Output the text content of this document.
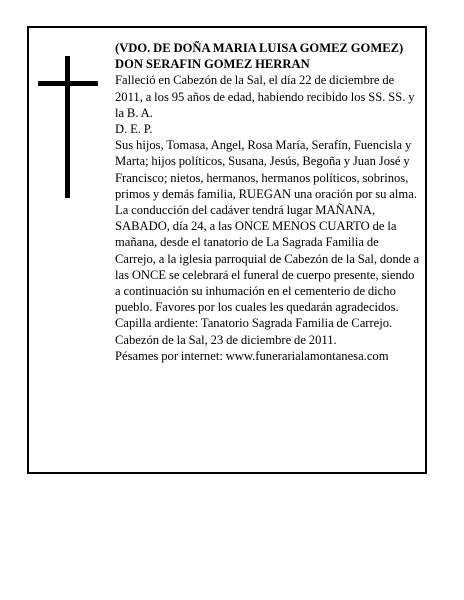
(VDO. DE DOÑA MARIA LUISA GOMEZ GOMEZ)
DON SERAFIN GOMEZ HERRAN
Falleció en Cabezón de la Sal, el día 22 de diciembre de 2011, a los 95 años de edad, habiendo recibido los SS. SS. y la B. A.
D. E. P.
Sus hijos, Tomasa, Angel, Rosa María, Serafín, Fuencisla y Marta; hijos políticos, Susana, Jesús, Begoña y Juan José y Francisco; nietos, hermanos, hermanos políticos, sobrinos, primos y demás familia, RUEGAN una oración por su alma. La conducción del cadáver tendrá lugar MAÑANA, SABADO, día 24, a las ONCE MENOS CUARTO de la mañana, desde el tanatorio de La Sagrada Familia de Carrejo, a la iglesia parroquial de Cabezón de la Sal, donde a las ONCE se celebrará el funeral de cuerpo presente, siendo a continuación su inhumación en el cementerio de dicho pueblo. Favores por los cuales les quedarán agradecidos. Capilla ardiente: Tanatorio Sagrada Familia de Carrejo.
Cabezón de la Sal, 23 de diciembre de 2011.
Pésames por internet: www.funerarialamontanesa.com
